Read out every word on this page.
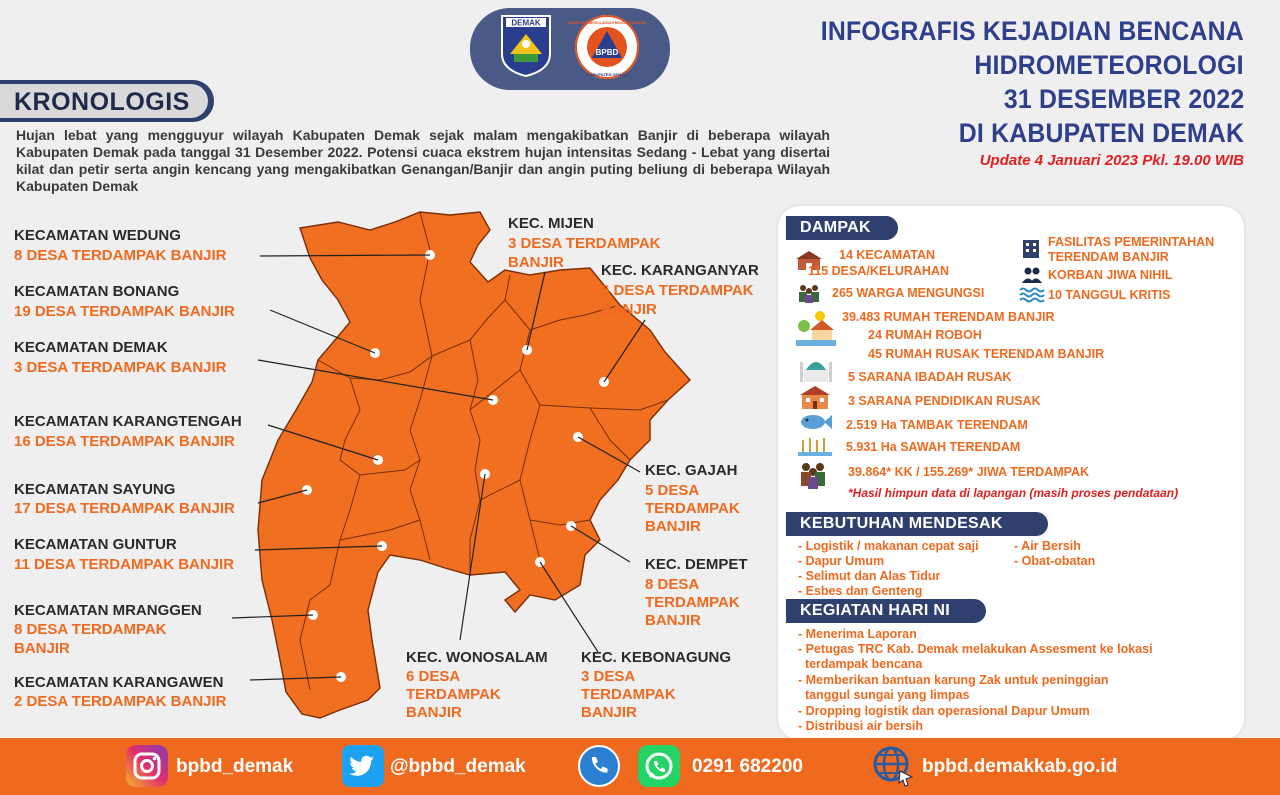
DEMAK
BPBD
BADAN PENANGGULANGAN BENCANA DAERAH
KABUPATEN DEMAK
INFOGRAFIS KEJADIAN BENCANA
HIDROMETEOROLOGI
31 DESEMBER 2022
DI KABUPATEN DEMAK
Update 4 Januari 2023 Pkl. 19.00 WIB
KRONOLOGIS
Hujan lebat yang mengguyur wilayah Kabupaten Demak sejak malam mengakibatkan Banjir di beberapa wilayah Kabupaten Demak pada tanggal 31 Desember 2022. Potensi cuaca ekstrem hujan intensitas Sedang - Lebat yang disertai kilat dan petir serta angin kencang yang mengakibatkan Genangan/Banjir dan angin puting beliung di beberapa Wilayah Kabupaten Demak
KECAMATAN WEDUNG
8 DESA TERDAMPAK BANJIR
KECAMATAN BONANG
19 DESA TERDAMPAK BANJIR
KECAMATAN DEMAK
3 DESA TERDAMPAK BANJIR
KECAMATAN KARANGTENGAH
16 DESA TERDAMPAK BANJIR
KECAMATAN SAYUNG
17 DESA TERDAMPAK BANJIR
KECAMATAN GUNTUR
11 DESA TERDAMPAK BANJIR
KECAMATAN MRANGGEN
8 DESA TERDAMPAK
BANJIR
KECAMATAN KARANGAWEN
2 DESA TERDAMPAK BANJIR
KEC. MIJEN
3 DESA TERDAMPAK
BANJIR KEC. KARANGANYAR
6 DESA TERDAMPAK
BANJIR
KEC. GAJAH
5 DESA
TERDAMPAK
BANJIR
KEC. DEMPET
8 DESA
TERDAMPAK
BANJIR
KEC. WONOSALAM
6 DESA
TERDAMPAK
BANJIR
KEC. KEBONAGUNG
3 DESA
TERDAMPAK
BANJIR
DAMPAK
14 KECAMATAN
115 DESA/KELURAHAN
265 WARGA MENGUNGSI
FASILITAS PEMERINTAHAN
TERENDAM BANJIR
KORBAN JIWA NIHIL
10 TANGGUL KRITIS
39.483 RUMAH TERENDAM BANJIR
24 RUMAH ROBOH
45 RUMAH RUSAK TERENDAM BANJIR
5 SARANA IBADAH RUSAK
3 SARANA PENDIDIKAN RUSAK
2.519 Ha TAMBAK TERENDAM
5.931 Ha SAWAH TERENDAM
39.864* KK / 155.269* JIWA TERDAMPAK
*Hasil himpun data di lapangan (masih proses pendataan)
KEBUTUHAN MENDESAK
- Logistik / makanan cepat saji
- Dapur Umum
- Selimut dan Alas Tidur
- Esbes dan Genteng
- Air Bersih
- Obat-obatan
KEGIATAN HARI NI
- Menerima Laporan
- Petugas TRC Kab. Demak melakukan Assesment ke lokasi
terdampak bencana
- Memberikan bantuan karung Zak untuk peninggian
tanggul sungai yang limpas
- Dropping logistik dan operasional Dapur Umum
- Distribusi air bersih
bpbd_demak	@bpbd_demak	0291 682200	bpbd.demakkab.go.id
